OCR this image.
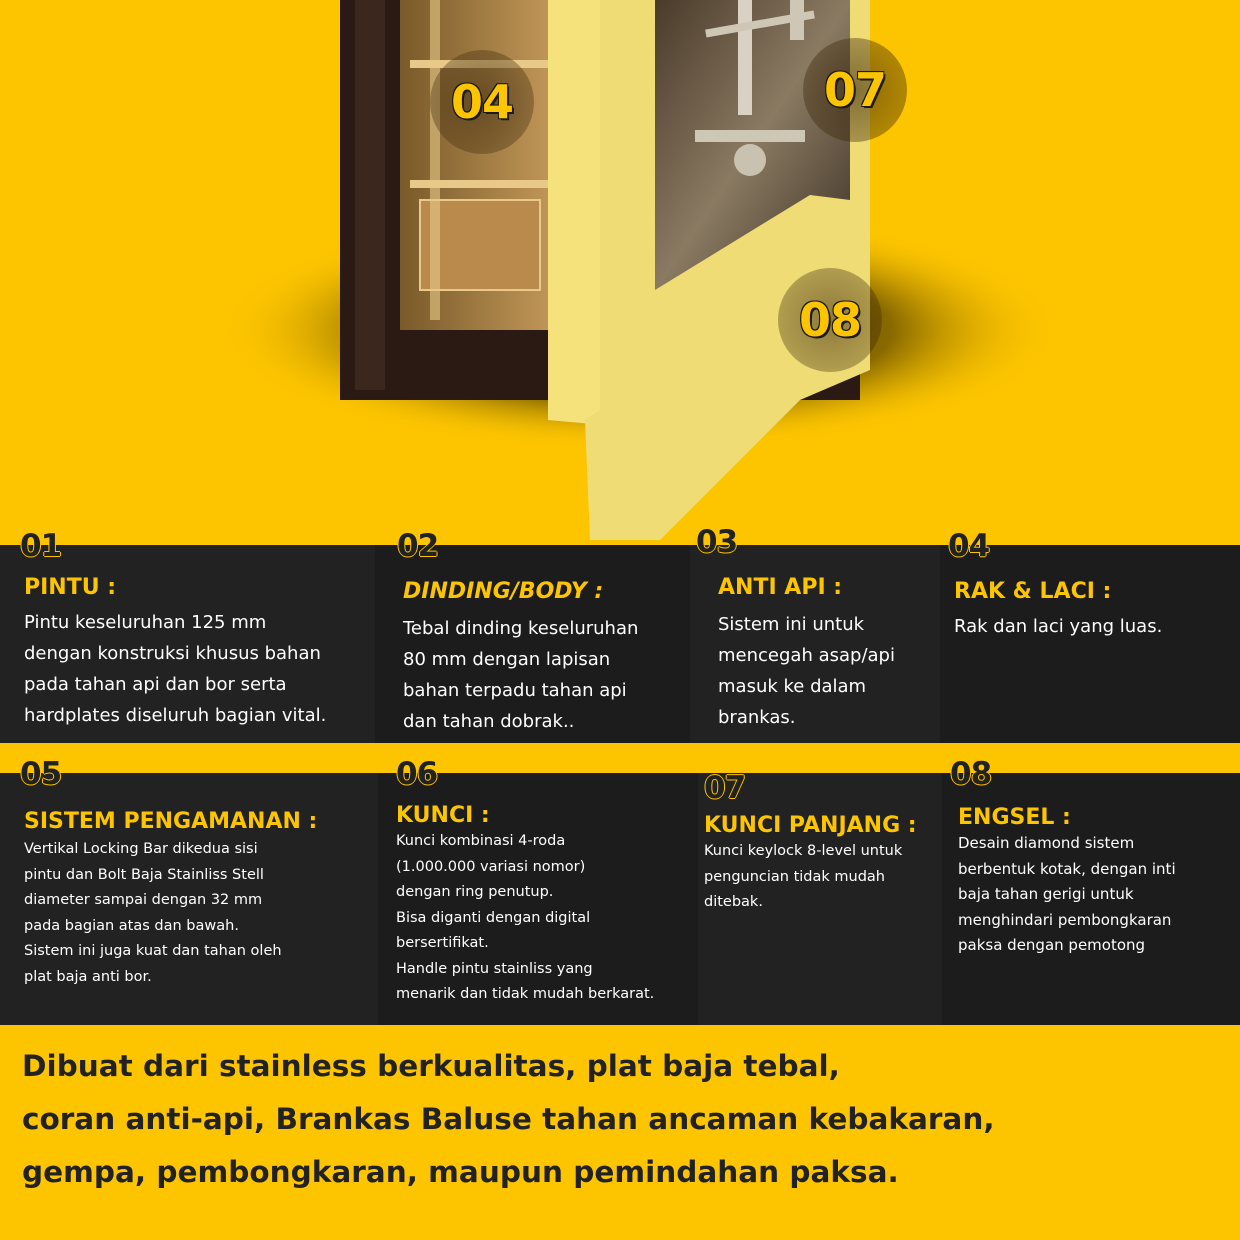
04	07
08
01
PINTU :
Pintu keseluruhan 125 mm
dengan konstruksi khusus bahan
pada tahan api dan bor serta
hardplates diseluruh bagian vital.
02
DINDING/BODY :
Tebal dinding keseluruhan
80 mm dengan lapisan
bahan terpadu tahan api
dan tahan dobrak..
03
ANTI API :
Sistem ini untuk
mencegah asap/api
masuk ke dalam
brankas.
04
RAK & LACI :
Rak dan laci yang luas.
05
SISTEM PENGAMANAN :
Vertikal Locking Bar dikedua sisi
pintu dan Bolt Baja Stainliss Stell
diameter sampai dengan 32 mm
pada bagian atas dan bawah.
Sistem ini juga kuat dan tahan oleh
plat baja anti bor.
06
KUNCI :
Kunci kombinasi 4-roda
(1.000.000 variasi nomor)
dengan ring penutup.
Bisa diganti dengan digital
bersertifikat.
Handle pintu stainliss yang
menarik dan tidak mudah berkarat.
07
KUNCI PANJANG :
Kunci keylock 8-level untuk
penguncian tidak mudah
ditebak.
08
ENGSEL :
Desain diamond sistem
berbentuk kotak, dengan inti
baja tahan gerigi untuk
menghindari pembongkaran
paksa dengan pemotong
Dibuat dari stainless berkualitas, plat baja tebal,
coran anti-api, Brankas Baluse tahan ancaman kebakaran,
gempa, pembongkaran, maupun pemindahan paksa.
